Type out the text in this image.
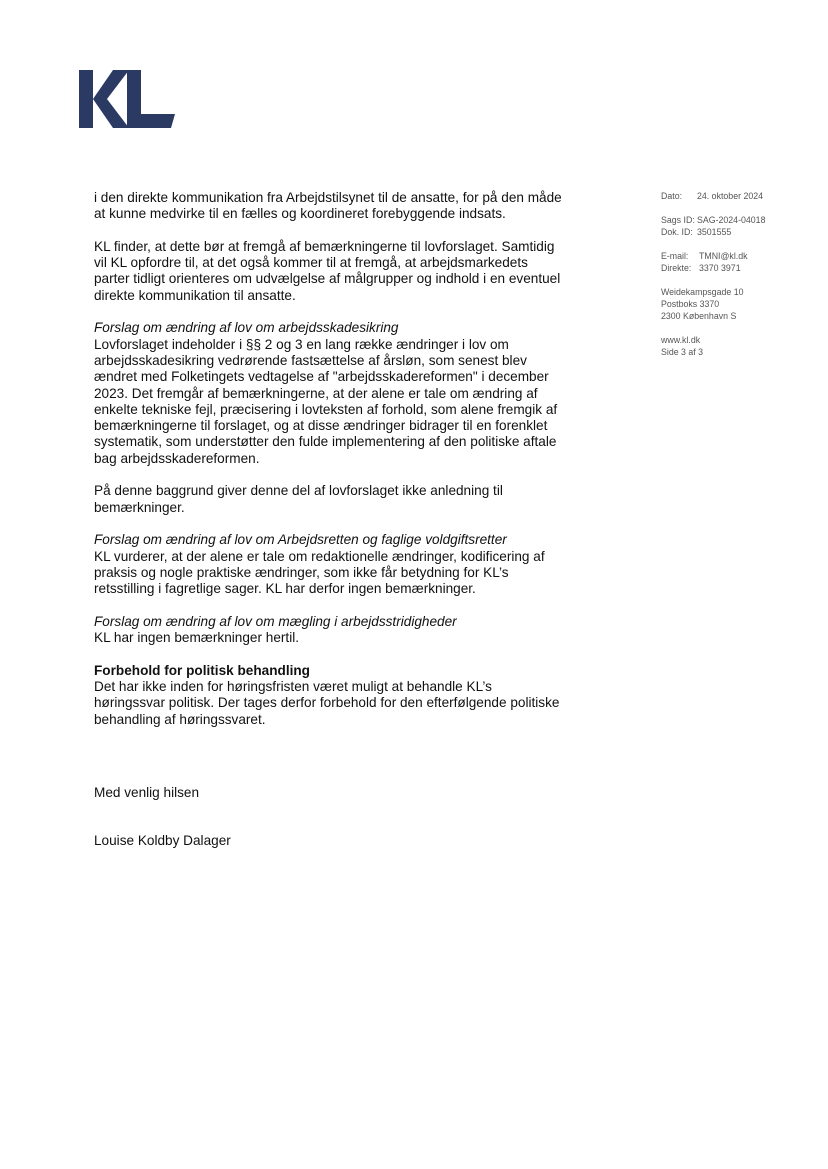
Dato: 24. oktober 2024
Sags ID: SAG-2024-04018
Dok. ID: 3501555
E-mail: TMNI@kl.dk
Direkte: 3370 3971
Weidekampsgade 10
Postboks 3370
2300 København S
www.kl.dk
Side 3 af 3

i den direkte kommunikation fra Arbejdstilsynet til de ansatte, for på den måde at kunne medvirke til en fælles og koordineret forebyggende indsats.

KL finder, at dette bør at fremgå af bemærkningerne til lovforslaget. Samtidig vil KL opfordre til, at det også kommer til at fremgå, at arbejdsmarkedets parter tidligt orienteres om udvælgelse af målgrupper og indhold i en eventuel direkte kommunikation til ansatte.

Forslag om ændring af lov om arbejdsskadesikring
Lovforslaget indeholder i §§ 2 og 3 en lang række ændringer i lov om arbejdsskadesikring vedrørende fastsættelse af årsløn, som senest blev ændret med Folketingets vedtagelse af "arbejdsskadereformen" i december 2023. Det fremgår af bemærkningerne, at der alene er tale om ændring af enkelte tekniske fejl, præcisering i lovteksten af forhold, som alene fremgik af bemærkningerne til forslaget, og at disse ændringer bidrager til en forenklet systematik, som understøtter den fulde implementering af den politiske aftale bag arbejdsskadereformen.

På denne baggrund giver denne del af lovforslaget ikke anledning til bemærkninger.

Forslag om ændring af lov om Arbejdsretten og faglige voldgiftsretter
KL vurderer, at der alene er tale om redaktionelle ændringer, kodificering af praksis og nogle praktiske ændringer, som ikke får betydning for KL’s retsstilling i fagretlige sager. KL har derfor ingen bemærkninger.

Forslag om ændring af lov om mægling i arbejdsstridigheder
KL har ingen bemærkninger hertil.

Forbehold for politisk behandling
Det har ikke inden for høringsfristen været muligt at behandle KL’s høringssvar politisk. Der tages derfor forbehold for den efterfølgende politiske behandling af høringssvaret.

Med venlig hilsen
Louise Koldby Dalager
